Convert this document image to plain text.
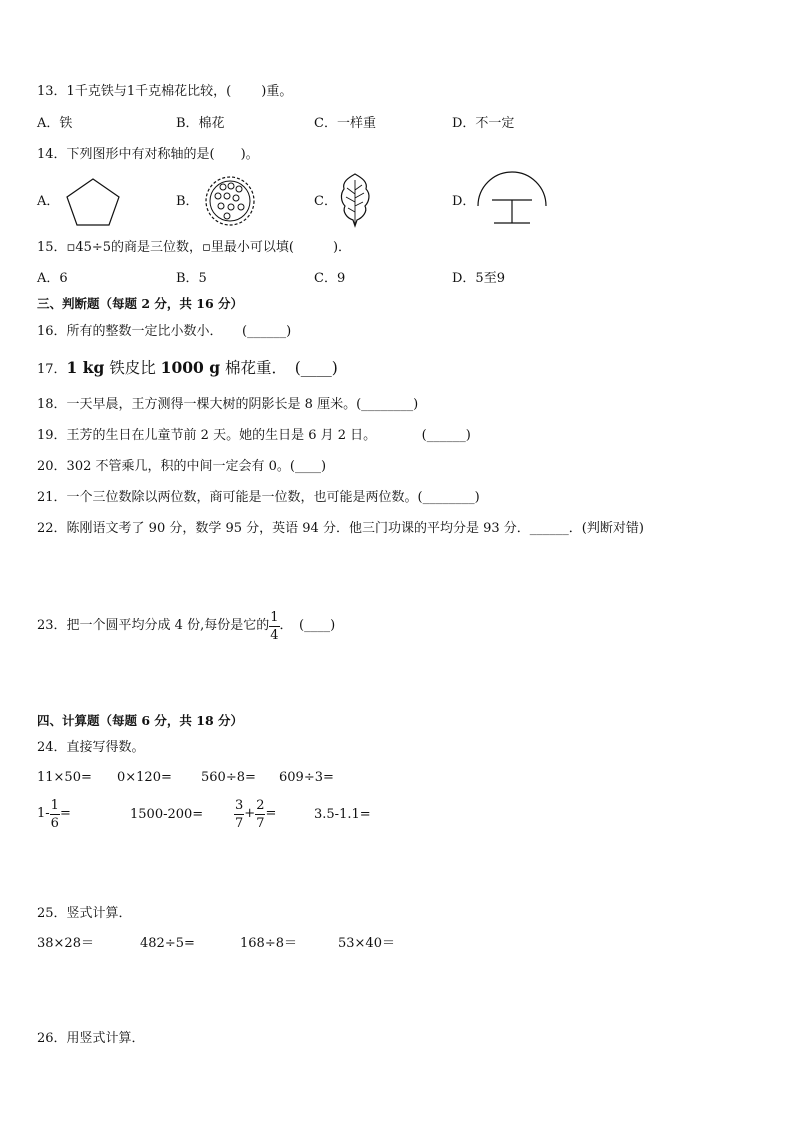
13．1千克铁与1千克棉花比较，(　　 )重。
A．铁	B．棉花	C．一样重	D．不一定
14．下列图形中有对称轴的是(　　)。
A．	B．	C．	D．
15．▫45÷5的商是三位数，▫里最小可以填(　　　)．
A．6	B．5	C．9	D．5至9
三、判断题（每题 2 分，共 16 分）
16．所有的整数一定比小数小．　　(______)
17．1 kg 铁皮比 1000 g 棉花重．　(____)
18．一天早晨，王方测得一棵大树的阴影长是 8 厘米。(________)
19．王芳的生日在儿童节前 2 天。她的生日是 6 月 2 日。　　　　(______)
20．302 不管乘几，积的中间一定会有 0。(____)
21．一个三位数除以两位数，商可能是一位数，也可能是两位数。(________)
22．陈刚语文考了 90 分，数学 95 分，英语 94 分．他三门功课的平均分是 93 分．______．(判断对错)
23．把一个圆平均分成 4 份,每份是它的 $\frac{1}{4}$ ．　(____)
四、计算题（每题 6 分，共 18 分）
24．直接写得数。
11×50= 0×120= 560÷8= 609÷3=
$1- \frac{1}{6}$ =	$1500-200= \frac{3}{7} + \frac{2}{7}$ =	3.5-1.1=
25．竖式计算．
38×28＝	482÷5=	168÷8＝	53×40＝
26．用竖式计算．
